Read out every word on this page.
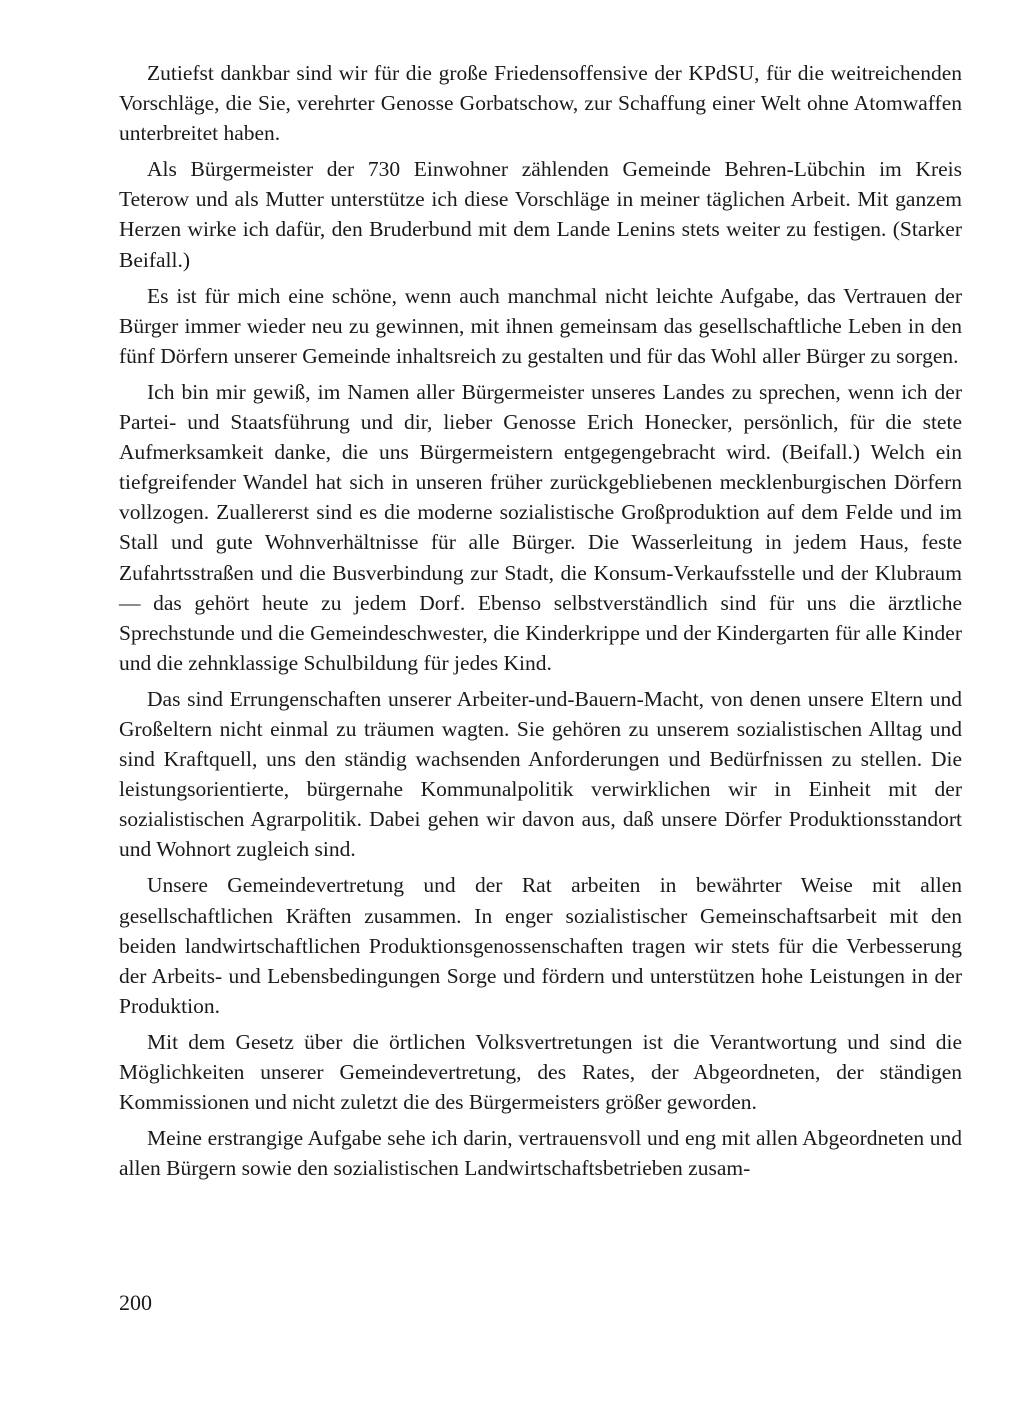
Zutiefst dankbar sind wir für die große Friedensoffensive der KPdSU, für die weitreichenden Vorschläge, die Sie, verehrter Genosse Gorbatschow, zur Schaffung einer Welt ohne Atomwaffen unterbreitet haben.

Als Bürgermeister der 730 Einwohner zählenden Gemeinde Behren-Lübchin im Kreis Teterow und als Mutter unterstütze ich diese Vorschläge in meiner täglichen Arbeit. Mit ganzem Herzen wirke ich dafür, den Bruderbund mit dem Lande Lenins stets weiter zu festigen. (Starker Beifall.)

Es ist für mich eine schöne, wenn auch manchmal nicht leichte Aufgabe, das Vertrauen der Bürger immer wieder neu zu gewinnen, mit ihnen gemeinsam das gesellschaftliche Leben in den fünf Dörfern unserer Gemeinde inhaltsreich zu gestalten und für das Wohl aller Bürger zu sorgen.

Ich bin mir gewiß, im Namen aller Bürgermeister unseres Landes zu sprechen, wenn ich der Partei- und Staatsführung und dir, lieber Genosse Erich Honecker, persönlich, für die stete Aufmerksamkeit danke, die uns Bürgermeistern entgegengebracht wird. (Beifall.) Welch ein tiefgreifender Wandel hat sich in unseren früher zurückgebliebenen mecklenburgischen Dörfern vollzogen. Zuallererst sind es die moderne sozialistische Großproduktion auf dem Felde und im Stall und gute Wohnverhältnisse für alle Bürger. Die Wasserleitung in jedem Haus, feste Zufahrtsstraßen und die Busverbindung zur Stadt, die Konsum-Verkaufsstelle und der Klubraum — das gehört heute zu jedem Dorf. Ebenso selbstverständlich sind für uns die ärztliche Sprechstunde und die Gemeindeschwester, die Kinderkrippe und der Kindergarten für alle Kinder und die zehnklassige Schulbildung für jedes Kind.

Das sind Errungenschaften unserer Arbeiter-und-Bauern-Macht, von denen unsere Eltern und Großeltern nicht einmal zu träumen wagten. Sie gehören zu unserem sozialistischen Alltag und sind Kraftquell, uns den ständig wachsenden Anforderungen und Bedürfnissen zu stellen. Die leistungsorientierte, bürgernahe Kommunalpolitik verwirklichen wir in Einheit mit der sozialistischen Agrarpolitik. Dabei gehen wir davon aus, daß unsere Dörfer Produktionsstandort und Wohnort zugleich sind.

Unsere Gemeindevertretung und der Rat arbeiten in bewährter Weise mit allen gesellschaftlichen Kräften zusammen. In enger sozialistischer Gemeinschaftsarbeit mit den beiden landwirtschaftlichen Produktionsgenossenschaften tragen wir stets für die Verbesserung der Arbeits- und Lebensbedingungen Sorge und fördern und unterstützen hohe Leistungen in der Produktion.

Mit dem Gesetz über die örtlichen Volksvertretungen ist die Verantwortung und sind die Möglichkeiten unserer Gemeindevertretung, des Rates, der Abgeordneten, der ständigen Kommissionen und nicht zuletzt die des Bürgermeisters größer geworden.

Meine erstrangige Aufgabe sehe ich darin, vertrauensvoll und eng mit allen Abgeordneten und allen Bürgern sowie den sozialistischen Landwirtschaftsbetrieben zusam-

200
